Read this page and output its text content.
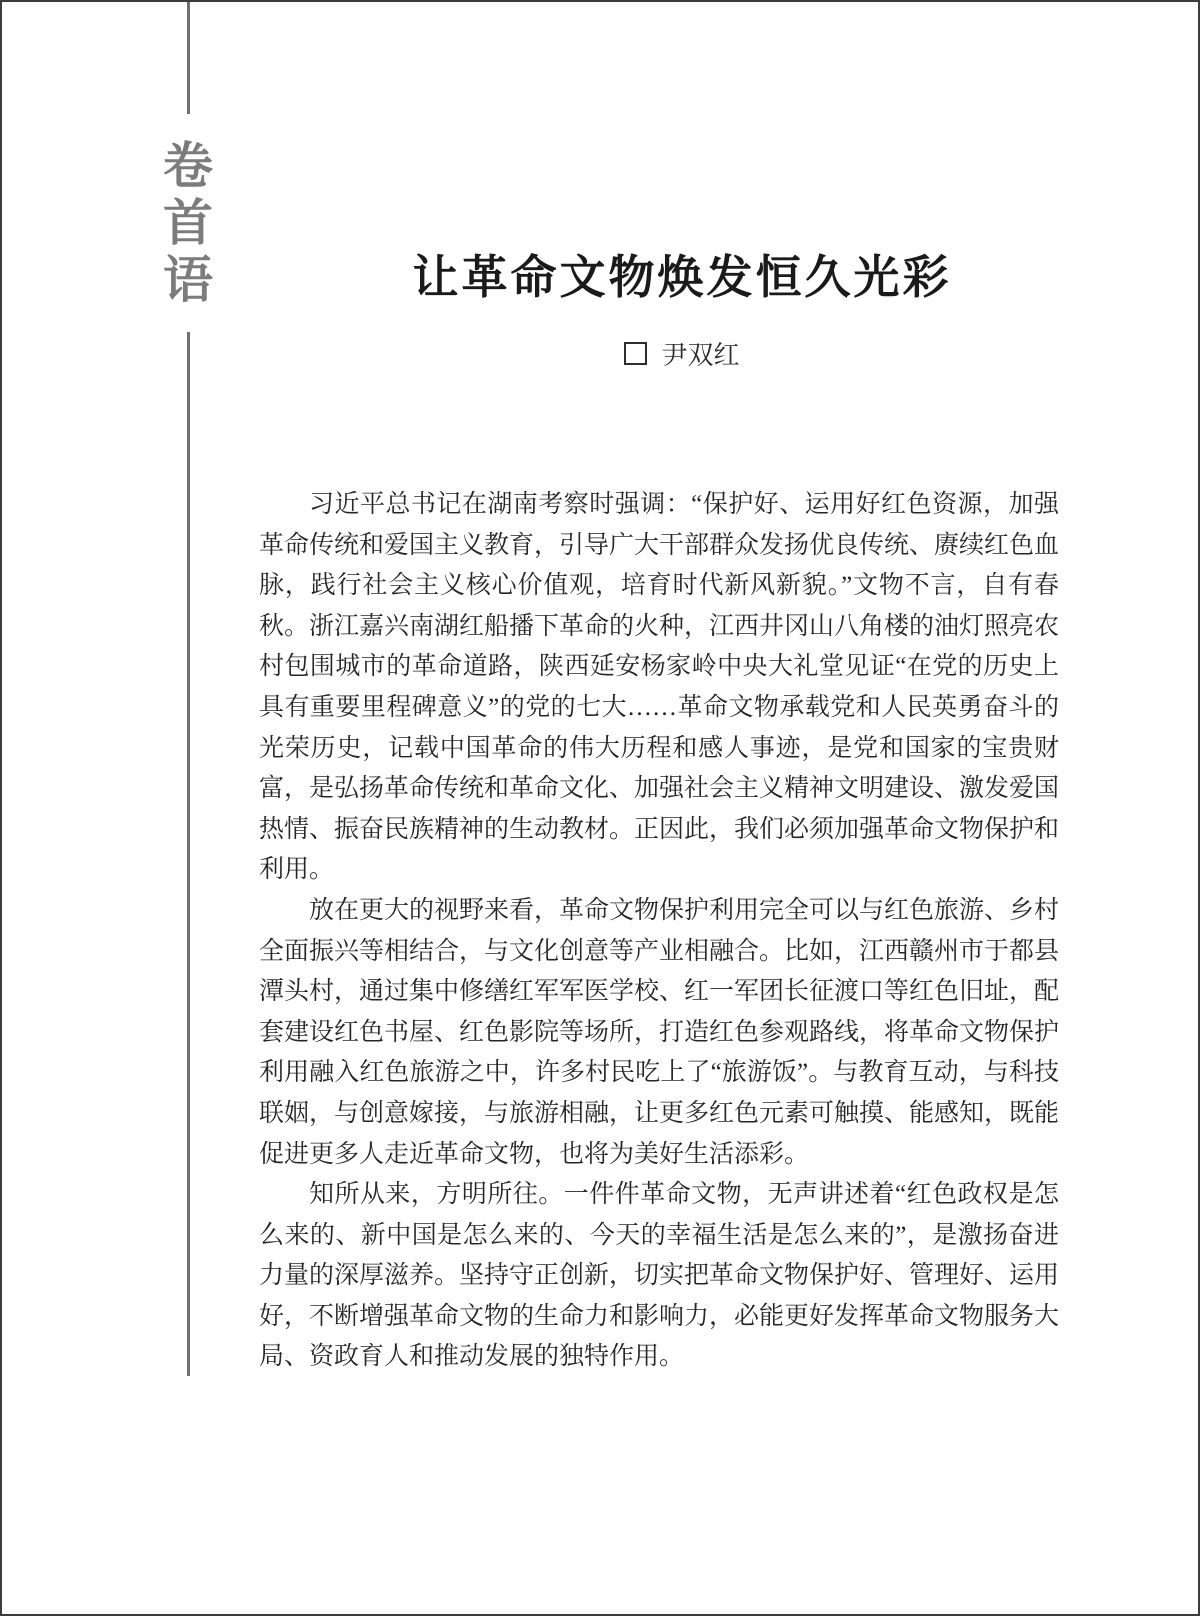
卷
首
语	让革命文物焕发恒久光彩
尹双红

习近平总书记在湖南考察时强调：“保护好、运用好红色资源，加强革命传统和爱国主义教育，引导广大干部群众发扬优良传统、赓续红色血脉，践行社会主义核心价值观，培育时代新风新貌。”文物不言，自有春秋。浙江嘉兴南湖红船播下革命的火种，江西井冈山八角楼的油灯照亮农村包围城市的革命道路，陕西延安杨家岭中央大礼堂见证“在党的历史上具有重要里程碑意义”的党的七大……革命文物承载党和人民英勇奋斗的光荣历史，记载中国革命的伟大历程和感人事迹，是党和国家的宝贵财富，是弘扬革命传统和革命文化、加强社会主义精神文明建设、激发爱国热情、振奋民族精神的生动教材。正因此，我们必须加强革命文物保护和利用。

放在更大的视野来看，革命文物保护利用完全可以与红色旅游、乡村全面振兴等相结合，与文化创意等产业相融合。比如，江西赣州市于都县潭头村，通过集中修缮红军军医学校、红一军团长征渡口等红色旧址，配套建设红色书屋、红色影院等场所，打造红色参观路线，将革命文物保护利用融入红色旅游之中，许多村民吃上了“旅游饭”。与教育互动，与科技联姻，与创意嫁接，与旅游相融，让更多红色元素可触摸、能感知，既能促进更多人走近革命文物，也将为美好生活添彩。

知所从来，方明所往。一件件革命文物，无声讲述着“红色政权是怎么来的、新中国是怎么来的、今天的幸福生活是怎么来的”，是激扬奋进力量的深厚滋养。坚持守正创新，切实把革命文物保护好、管理好、运用好，不断增强革命文物的生命力和影响力，必能更好发挥革命文物服务大局、资政育人和推动发展的独特作用。
